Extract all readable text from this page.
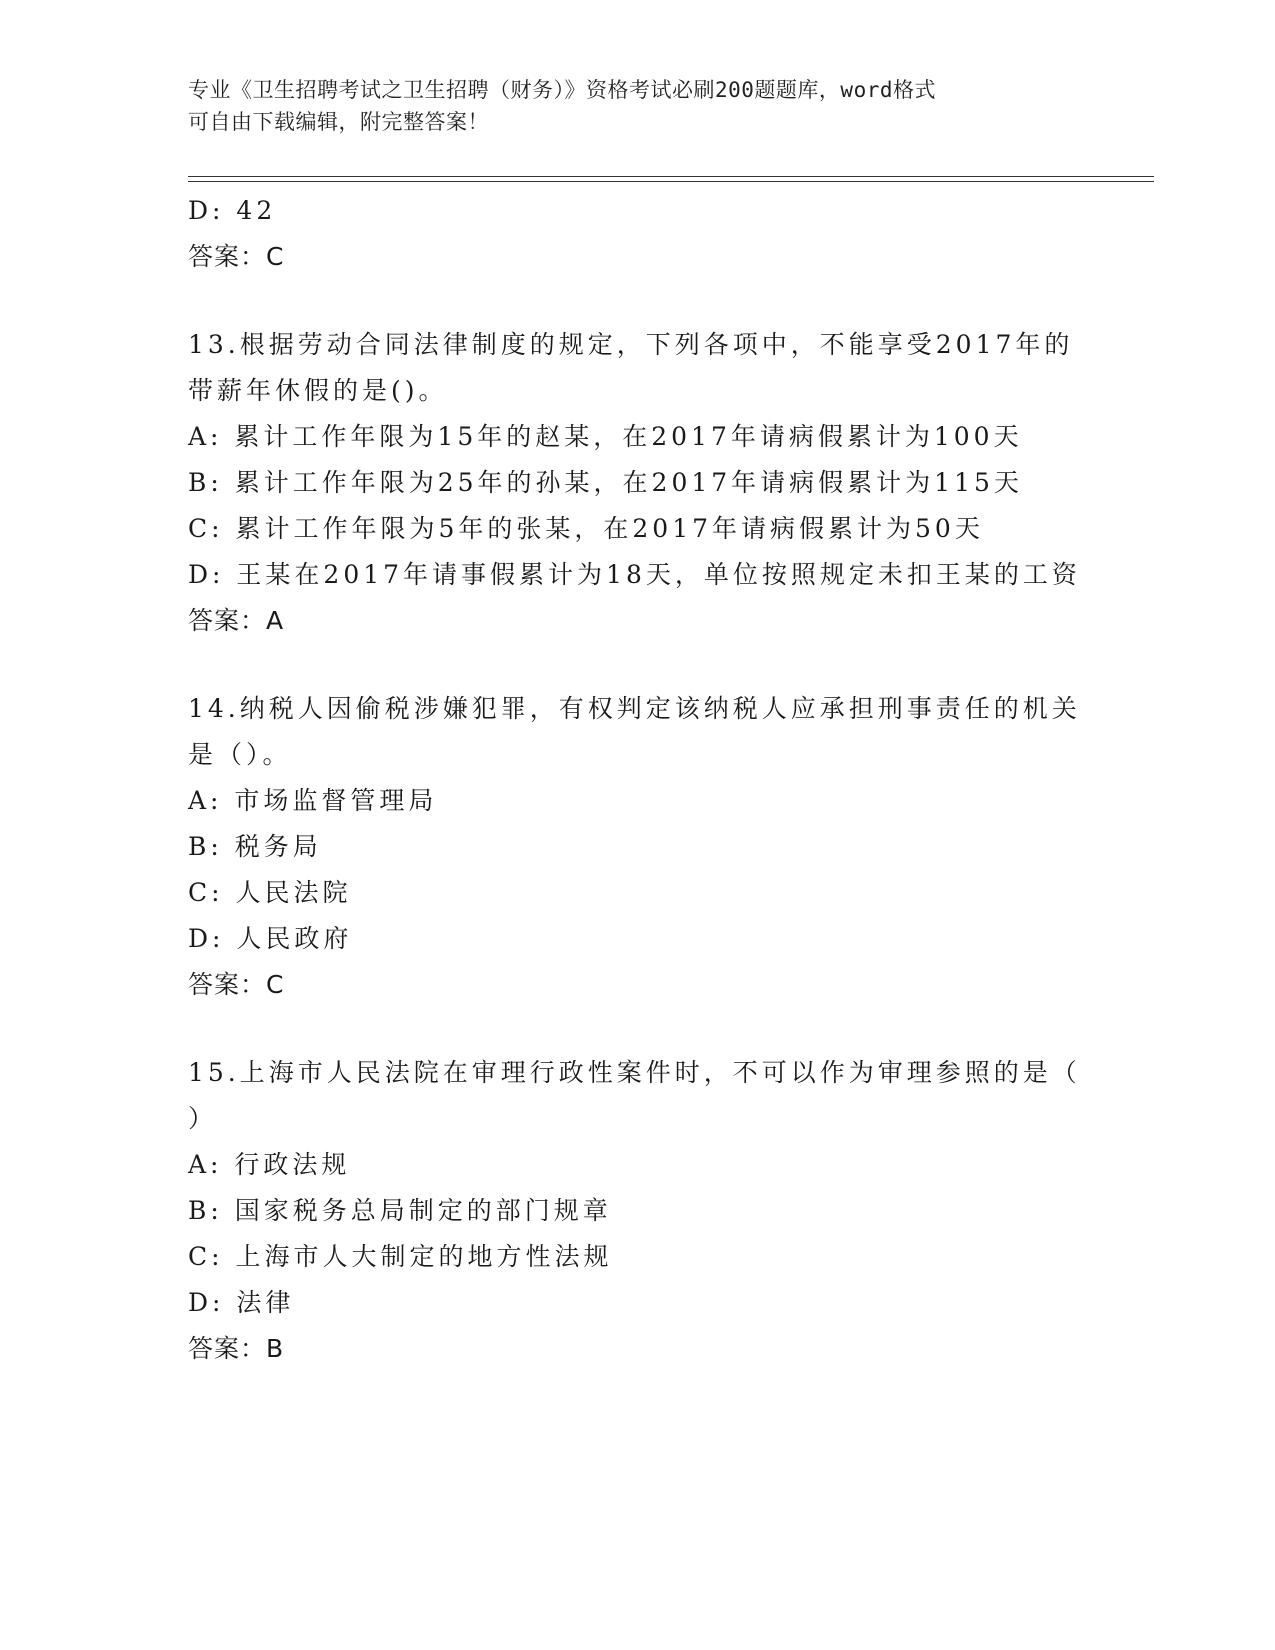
专业《卫生招聘考试之卫生招聘（财务）》资格考试必刷200题题库，word格式
可自由下载编辑，附完整答案！
D: 42
答案：C
13.根据劳动合同法律制度的规定，下列各项中，不能享受2017年的
带薪年休假的是()。
A: 累计工作年限为15年的赵某，在2017年请病假累计为100天
B: 累计工作年限为25年的孙某，在2017年请病假累计为115天
C: 累计工作年限为5年的张某，在2017年请病假累计为50天
D: 王某在2017年请事假累计为18天，单位按照规定未扣王某的工资
答案：A
14.纳税人因偷税涉嫌犯罪，有权判定该纳税人应承担刑事责任的机关
是（）。
A: 市场监督管理局
B: 税务局
C: 人民法院
D: 人民政府
答案：C
15.上海市人民法院在审理行政性案件时，不可以作为审理参照的是（
）
A: 行政法规
B: 国家税务总局制定的部门规章
C: 上海市人大制定的地方性法规
D: 法律
答案：B
